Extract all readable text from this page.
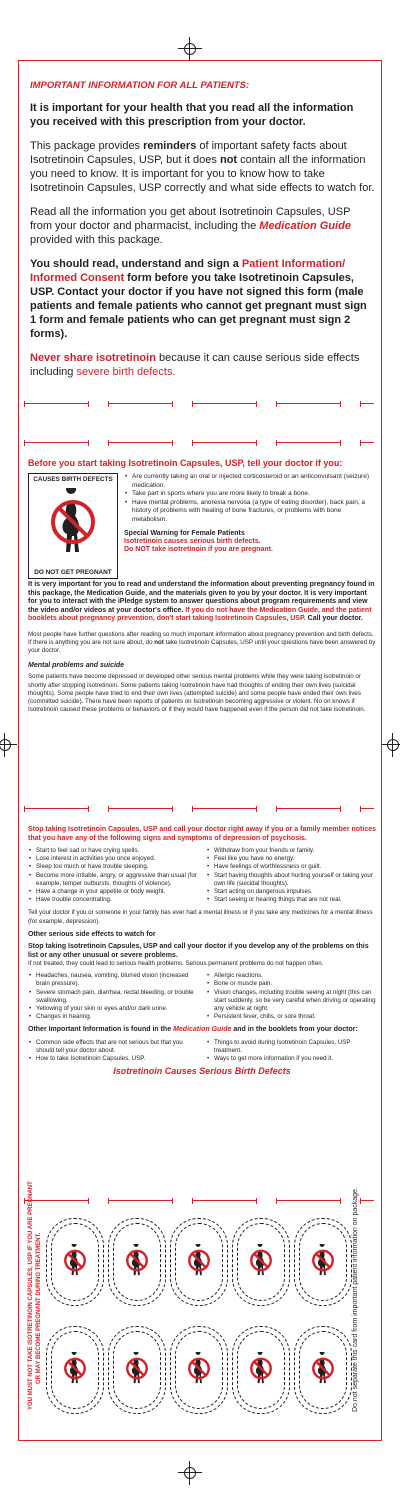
IMPORTANT INFORMATION FOR ALL PATIENTS:

It is important for your health that you read all the information you received with this prescription from your doctor.

This package provides reminders of important safety facts about Isotretinoin Capsules, USP, but it does not contain all the information you need to know. It is important for you to know how to take Isotretinoin Capsules, USP correctly and what side effects to watch for.

Read all the information you get about Isotretinoin Capsules, USP from your doctor and pharmacist, including the Medication Guide provided with this package.

You should read, understand and sign a Patient Information/ Informed Consent form before you take Isotretinoin Capsules, USP. Contact your doctor if you have not signed this form (male patients and female patients who cannot get pregnant must sign 1 form and female patients who can get pregnant must sign 2 forms).

Never share isotretinoin because it can cause serious side effects including severe birth defects.

Before you start taking Isotretinoin Capsules, USP, tell your doctor if you:

CAUSES BIRTH DEFECTS
DO NOT GET PREGNANT
• Are currently taking an oral or injected corticosteroid or an anticonvulsant (seizure) medication.
• Take part in sports where you are more likely to break a bone.
• Have mental problems, anorexia nervosa (a type of eating disorder), back pain, a history of problems with healing of bone fractures, or problems with bone metabolism.
Special Warning for Female Patients
Isotretinoin causes serious birth defects.
Do NOT take isotretinoin if you are pregnant.

It is very important for you to read and understand the information about preventing pregnancy found in this package, the Medication Guide, and the materials given to you by your doctor. It is very important for you to interact with the iPledge system to answer questions about program requirements and view the video and/or videos at your doctor's office. If you do not have the Medication Guide, and the patient booklets about pregnancy prevention, don't start taking Isotretinoin Capsules, USP. Call your doctor.

Most people have further questions after reading so much important information about pregnancy prevention and birth defects. If there is anything you are not sure about, do not take Isotretinoin Capsules, USP until your questions have been answered by your doctor.

Mental problems and suicide

Some patients have become depressed or developed other serious mental problems while they were taking isotretinoin or shortly after stopping isotretinoin. Some patients taking Isotretinoin have had thoughts of ending their own lives (suicidal thoughts). Some people have tried to end their own lives (attempted suicide) and some people have ended their own lives (committed suicide). There have been reports of patients on Isotretinoin becoming aggressive or violent. No on knows if Isotretinoin caused these problems or behaviors or if they would have happened even if the person did not take isotretinoin.

Stop taking Isotretinoin Capsules, USP and call your doctor right away if you or a family member notices that you have any of the following signs and symptoms of depression of psychosis.

• Start to feel sad or have crying spells.
• Lose interest in activities you once enjoyed.
• Sleep too much or have trouble sleeping.
• Become more irritable, angry, or aggressive than usual (for example, temper outbursts, thoughts of violence).
• Have a change in your appetite or body weight.
• Have trouble concentrating.
• Withdraw from your friends or family.
• Feel like you have no energy.
• Have feelings of worthlessness or guilt.
• Start having thoughts about hurting yourself or taking your own life (suicidal thoughts).
• Start acting on dangerous impulses.
• Start seeing or hearing things that are not real.

Tell your doctor if you or someone in your family has ever had a mental illness or if you take any medicines for a mental illness (for example, depression).

Other serious side effects to watch for

Stop taking Isotretinoin Capsules, USP and call your doctor if you develop any of the problems on this list or any other unusual or severe problems.

If not treated, they could lead to serious health problems. Serious permanent problems do not happen often.

• Headaches, nausea, vomiting, blurred vision (increased brain pressure).
• Severe stomach pain, diarrhea, rectal bleeding, or trouble swallowing.
• Yellowing of your skin or eyes and/or dark urine.
• Changes in hearing.
• Allergic reactions.
• Bone or muscle pain.
• Vision changes, including trouble seeing at night (this can start suddenly, so be very careful when driving or operating any vehicle at night.
• Persistent fever, chills, or sore throat.

Other Important Information is found in the Medication Guide and in the booklets from your doctor:

• Common side effects that are not serious but that you should tell your doctor about.
• How to take Isotretinoin Capsules, USP.
• Things to avoid during Isotretinoin Capsules, USP treatment.
• Ways to get more information if you need it.

Isotretinoin Causes Serious Birth Defects

YOU MUST NOT TAKE ISOTRETINOIN CAPSULES, USP IF YOU ARE PREGNANT OR MAY BECOME PREGNANT DURING TREATMENT.	Do not separate this card from important patient information on package.
